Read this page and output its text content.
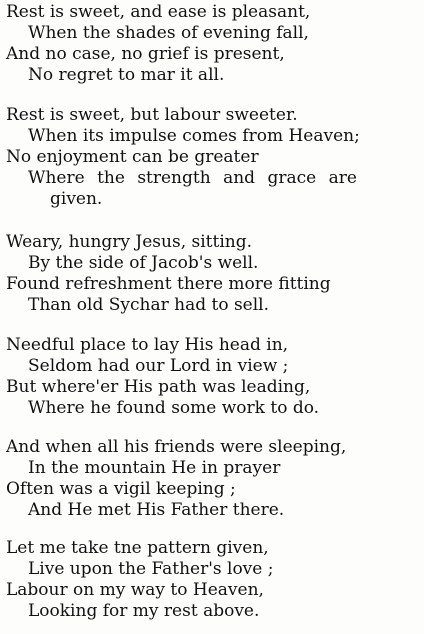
Rest is sweet, and ease is pleasant,
When the shades of evening fall,
And no case, no grief is present,
No regret to mar it all.
Rest is sweet, but labour sweeter.
When its impulse comes from Heaven;
No enjoyment can be greater
Where the strength and grace are
given.
Weary, hungry Jesus, sitting.
By the side of Jacob's well.
Found refreshment there more fitting
Than old Sychar had to sell.
Needful place to lay His head in,
Seldom had our Lord in view ;
But where'er His path was leading,
Where he found some work to do.
And when all his friends were sleeping,
In the mountain He in prayer
Often was a vigil keeping ;
And He met His Father there.
Let me take tne pattern given,
Live upon the Father's love ;
Labour on my way to Heaven,
Looking for my rest above.
